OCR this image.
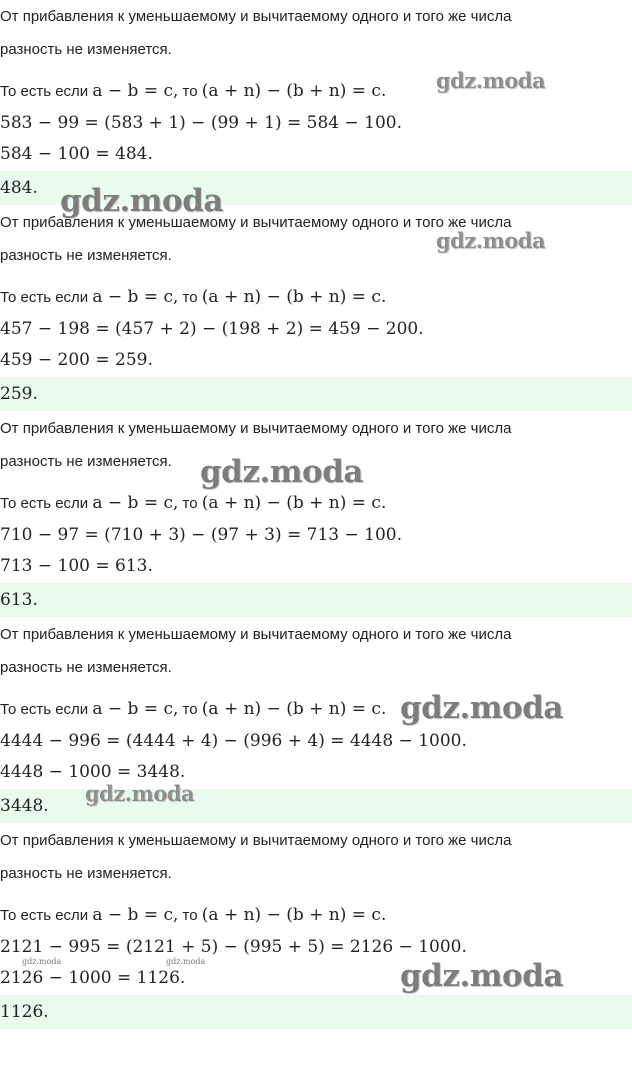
От прибавления к уменьшаемому и вычитаемому одного и того же числа
разность не изменяется.
То есть если a − b = c, то (a + n) − (b + n) = c.
583 − 99 = (583 + 1) − (99 + 1) = 584 − 100.
584 − 100 = 484.
484.
От прибавления к уменьшаемому и вычитаемому одного и того же числа
разность не изменяется.
То есть если a − b = c, то (a + n) − (b + n) = c.
457 − 198 = (457 + 2) − (198 + 2) = 459 − 200.
459 − 200 = 259.
259.
От прибавления к уменьшаемому и вычитаемому одного и того же числа
разность не изменяется.
То есть если a − b = c, то (a + n) − (b + n) = c.
710 − 97 = (710 + 3) − (97 + 3) = 713 − 100.
713 − 100 = 613.
613.
От прибавления к уменьшаемому и вычитаемому одного и того же числа
разность не изменяется.
То есть если a − b = c, то (a + n) − (b + n) = c.
4444 − 996 = (4444 + 4) − (996 + 4) = 4448 − 1000.
4448 − 1000 = 3448.
3448.
От прибавления к уменьшаемому и вычитаемому одного и того же числа
разность не изменяется.
То есть если a − b = c, то (a + n) − (b + n) = c.
2121 − 995 = (2121 + 5) − (995 + 5) = 2126 − 1000.
2126 − 1000 = 1126.
1126.
gdz.moda
gdz.moda
gdz.moda
gdz.moda
gdz.moda
gdz.moda
gdz.moda	gdz.moda	gdz.moda
